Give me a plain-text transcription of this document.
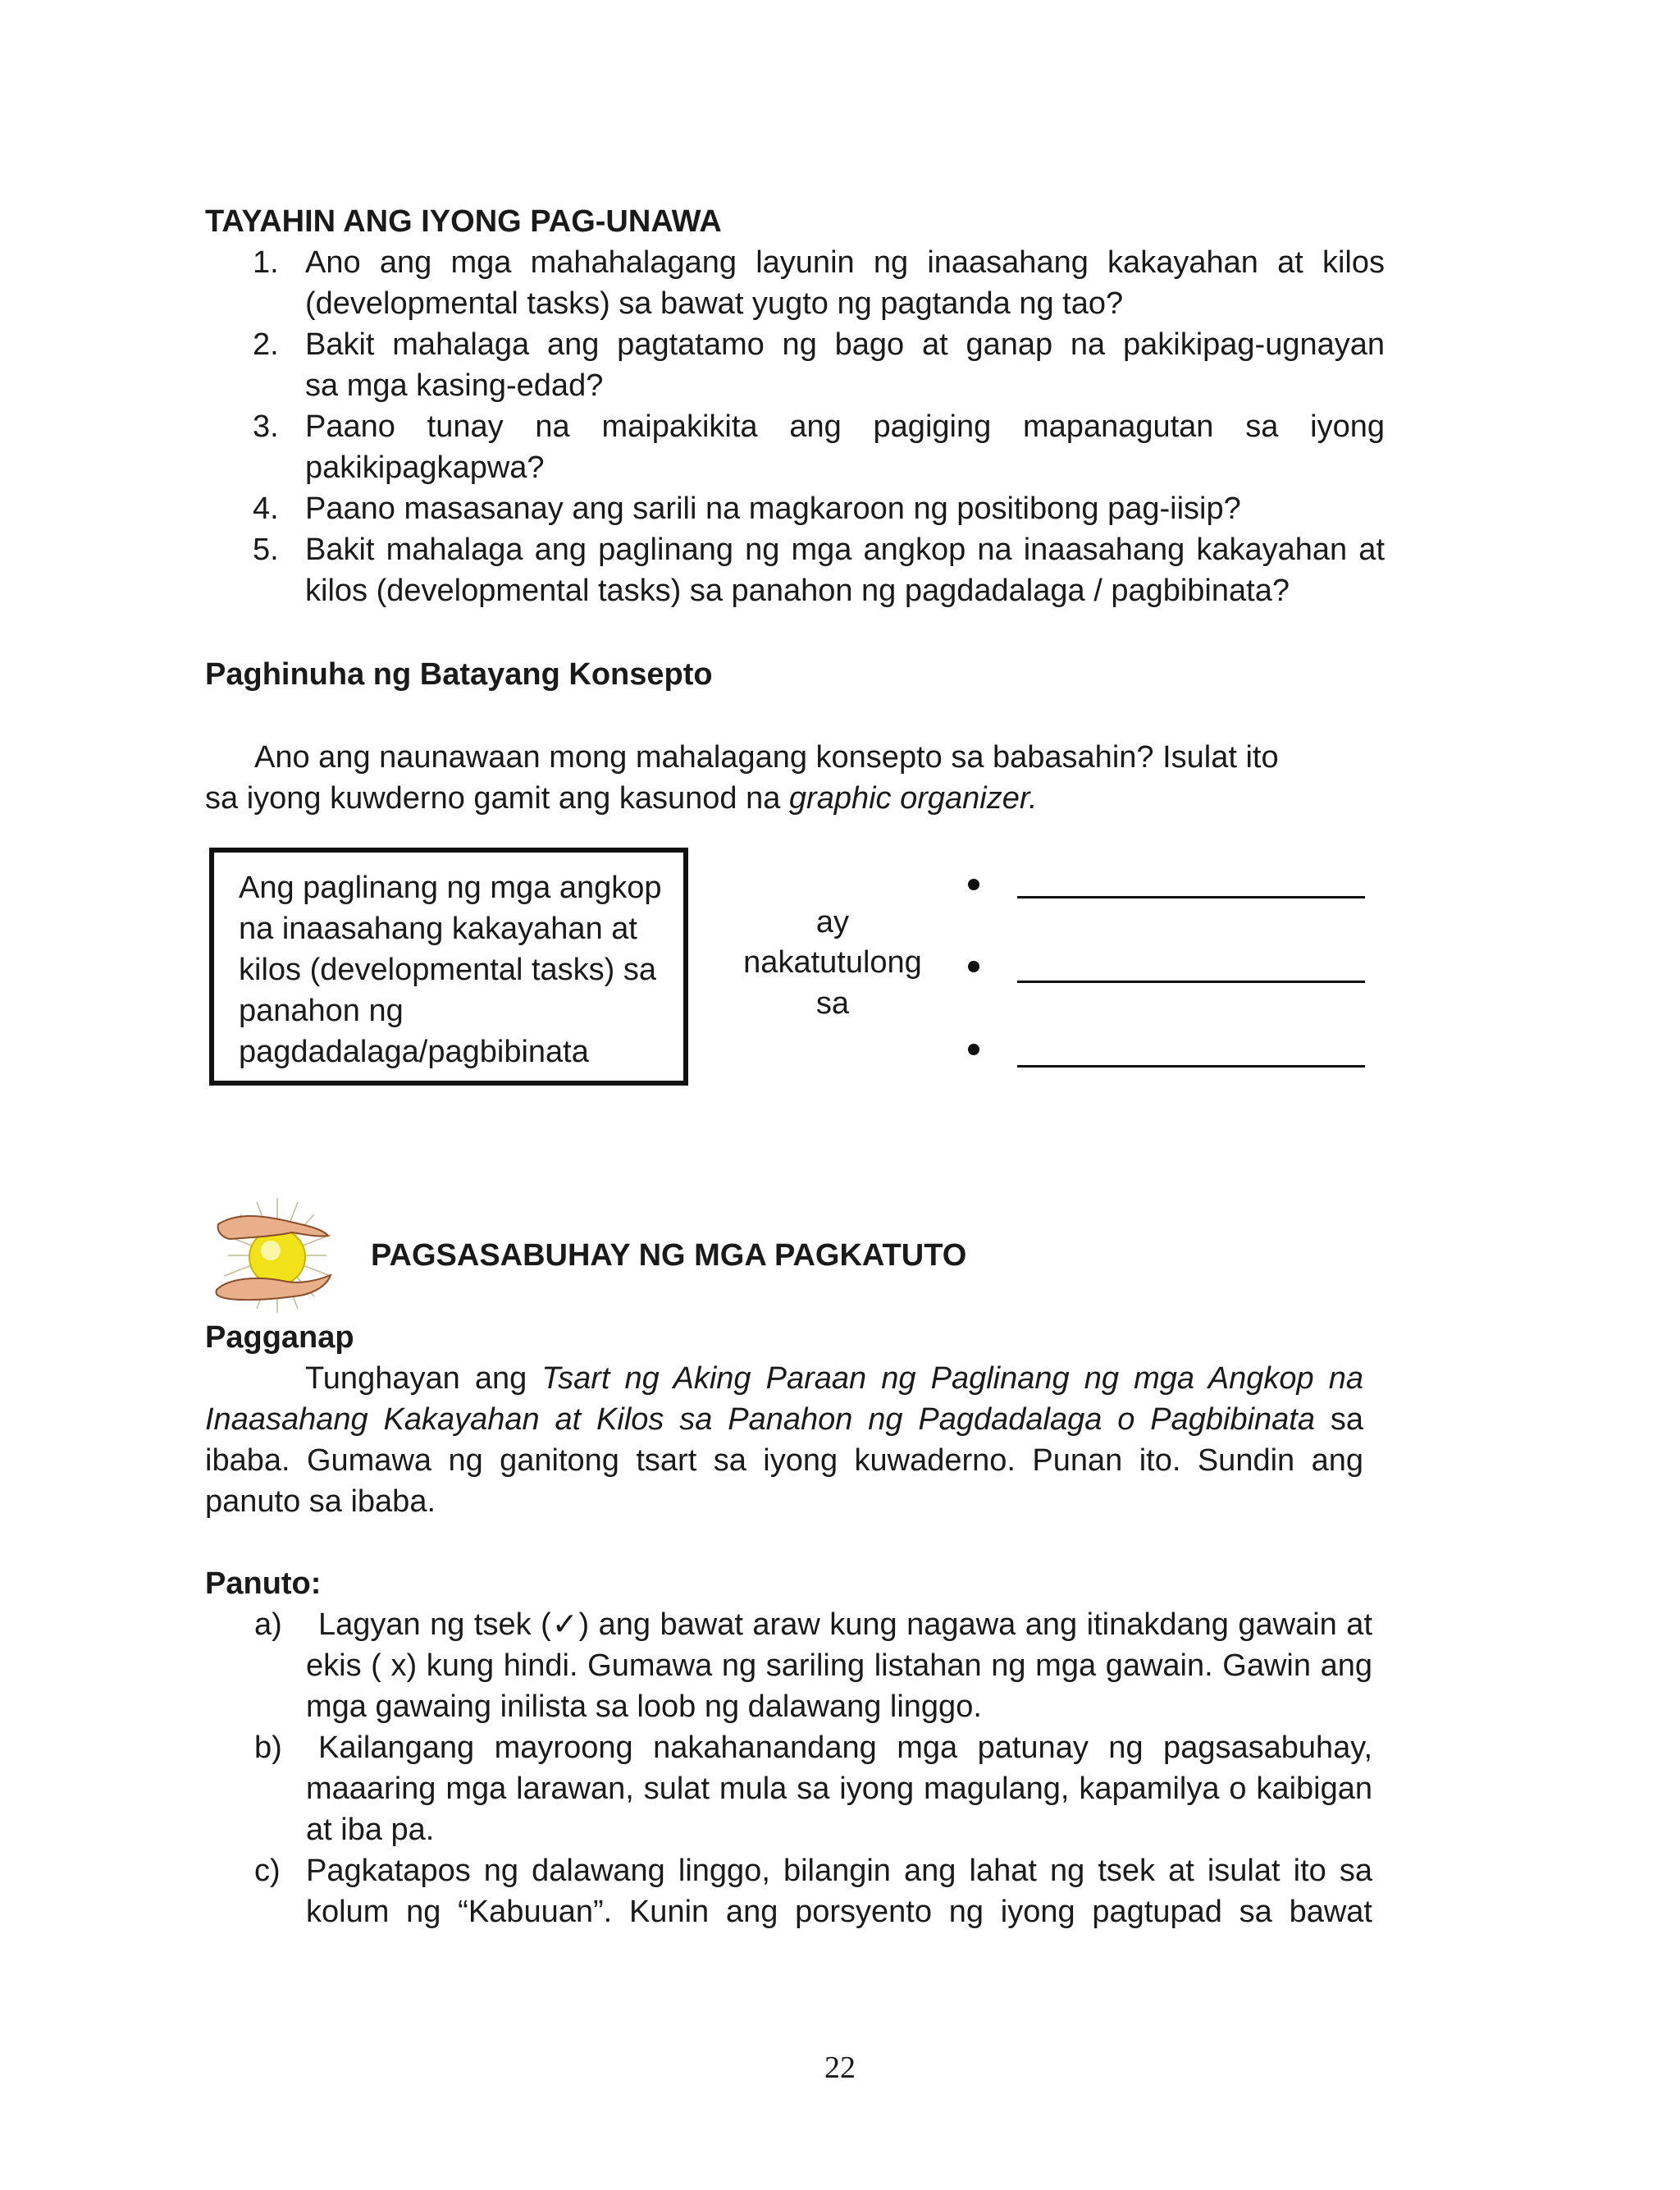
TAYAHIN ANG IYONG PAG-UNAWA
1. Ano ang mga mahahalagang layunin ng inaasahang kakayahan at kilos
(developmental tasks) sa bawat yugto ng pagtanda ng tao?
2. Bakit mahalaga ang pagtatamo ng bago at ganap na pakikipag-ugnayan
sa mga kasing-edad?
3. Paano tunay na maipakikita ang pagiging mapanagutan sa iyong
pakikipagkapwa?
4. Paano masasanay ang sarili na magkaroon ng positibong pag-iisip?
5. Bakit mahalaga ang paglinang ng mga angkop na inaasahang kakayahan at
kilos (developmental tasks) sa panahon ng pagdadalaga / pagbibinata?
Paghinuha ng Batayang Konsepto
Ano ang naunawaan mong mahalagang konsepto sa babasahin? Isulat ito
sa iyong kuwderno gamit ang kasunod na graphic organizer.
Ang paglinang ng mga angkop
na inaasahang kakayahan at
kilos (developmental tasks) sa
panahon ng
pagdadalaga/pagbibinata
ay
nakatutulong
sa
PAGSASABUHAY NG MGA PAGKATUTO
Pagganap
Tunghayan ang Tsart ng Aking Paraan ng Paglinang ng mga Angkop na
Inaasahang Kakayahan at Kilos sa Panahon ng Pagdadalaga o Pagbibinata sa
ibaba. Gumawa ng ganitong tsart sa iyong kuwaderno. Punan ito. Sundin ang
panuto sa ibaba.
Panuto:
a) Lagyan ng tsek (✓) ang bawat araw kung nagawa ang itinakdang gawain at
ekis ( x) kung hindi. Gumawa ng sariling listahan ng mga gawain. Gawin ang
mga gawaing inilista sa loob ng dalawang linggo.
b) Kailangang mayroong nakahanandang mga patunay ng pagsasabuhay,
maaaring mga larawan, sulat mula sa iyong magulang, kapamilya o kaibigan
at iba pa.
c) Pagkatapos ng dalawang linggo, bilangin ang lahat ng tsek at isulat ito sa
kolum ng “Kabuuan”. Kunin ang porsyento ng iyong pagtupad sa bawat
22
